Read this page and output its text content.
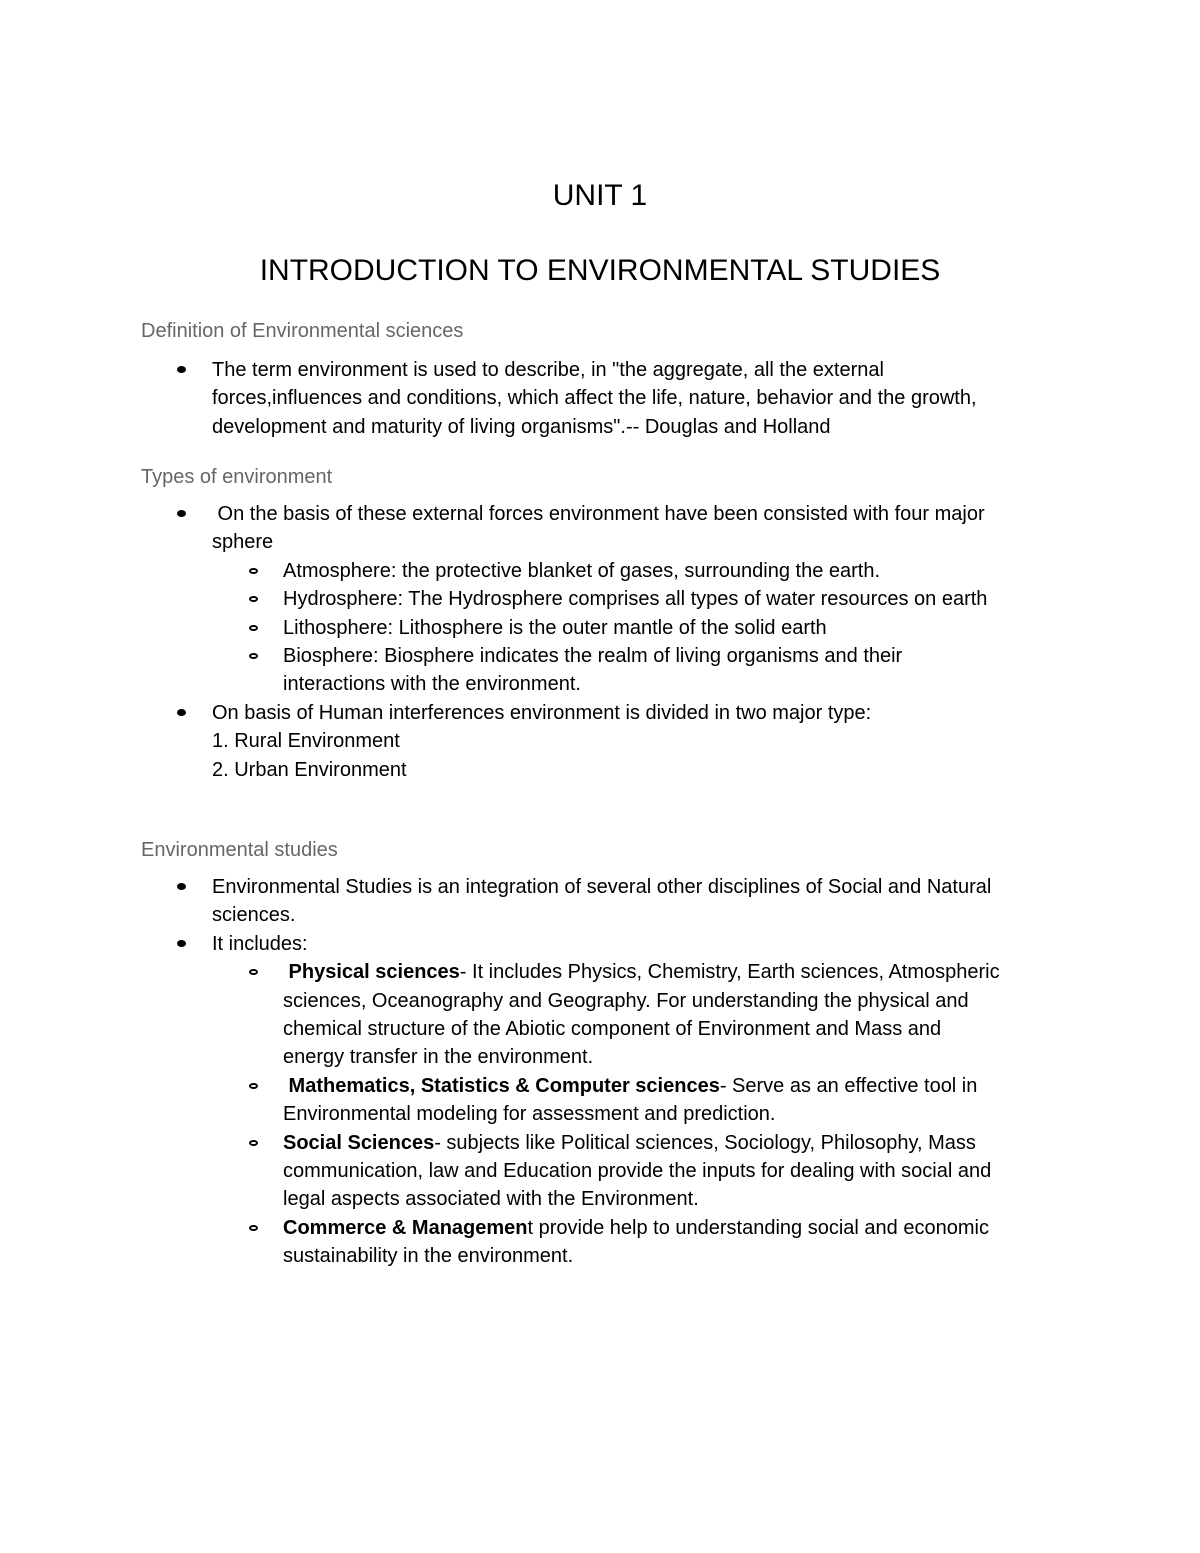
UNIT 1
INTRODUCTION TO ENVIRONMENTAL STUDIES
Definition of Environmental sciences
The term environment is used to describe, in "the aggregate, all the external
forces,influences and conditions, which affect the life, nature, behavior and the growth,
development and maturity of living organisms".-- Douglas and Holland
Types of environment
On the basis of these external forces environment have been consisted with four major
sphere
Atmosphere: the protective blanket of gases, surrounding the earth.
Hydrosphere: The Hydrosphere comprises all types of water resources on earth
Lithosphere: Lithosphere is the outer mantle of the solid earth
Biosphere: Biosphere indicates the realm of living organisms and their
interactions with the environment.
On basis of Human interferences environment is divided in two major type:
1. Rural Environment
2. Urban Environment
Environmental studies
Environmental Studies is an integration of several other disciplines of Social and Natural
sciences.
It includes:
Physical sciences- It includes Physics, Chemistry, Earth sciences, Atmospheric
sciences, Oceanography and Geography. For understanding the physical and
chemical structure of the Abiotic component of Environment and Mass and
energy transfer in the environment.
Mathematics, Statistics & Computer sciences- Serve as an effective tool in
Environmental modeling for assessment and prediction.
Social Sciences- subjects like Political sciences, Sociology, Philosophy, Mass
communication, law and Education provide the inputs for dealing with social and
legal aspects associated with the Environment.
Commerce & Management provide help to understanding social and economic
sustainability in the environment.
